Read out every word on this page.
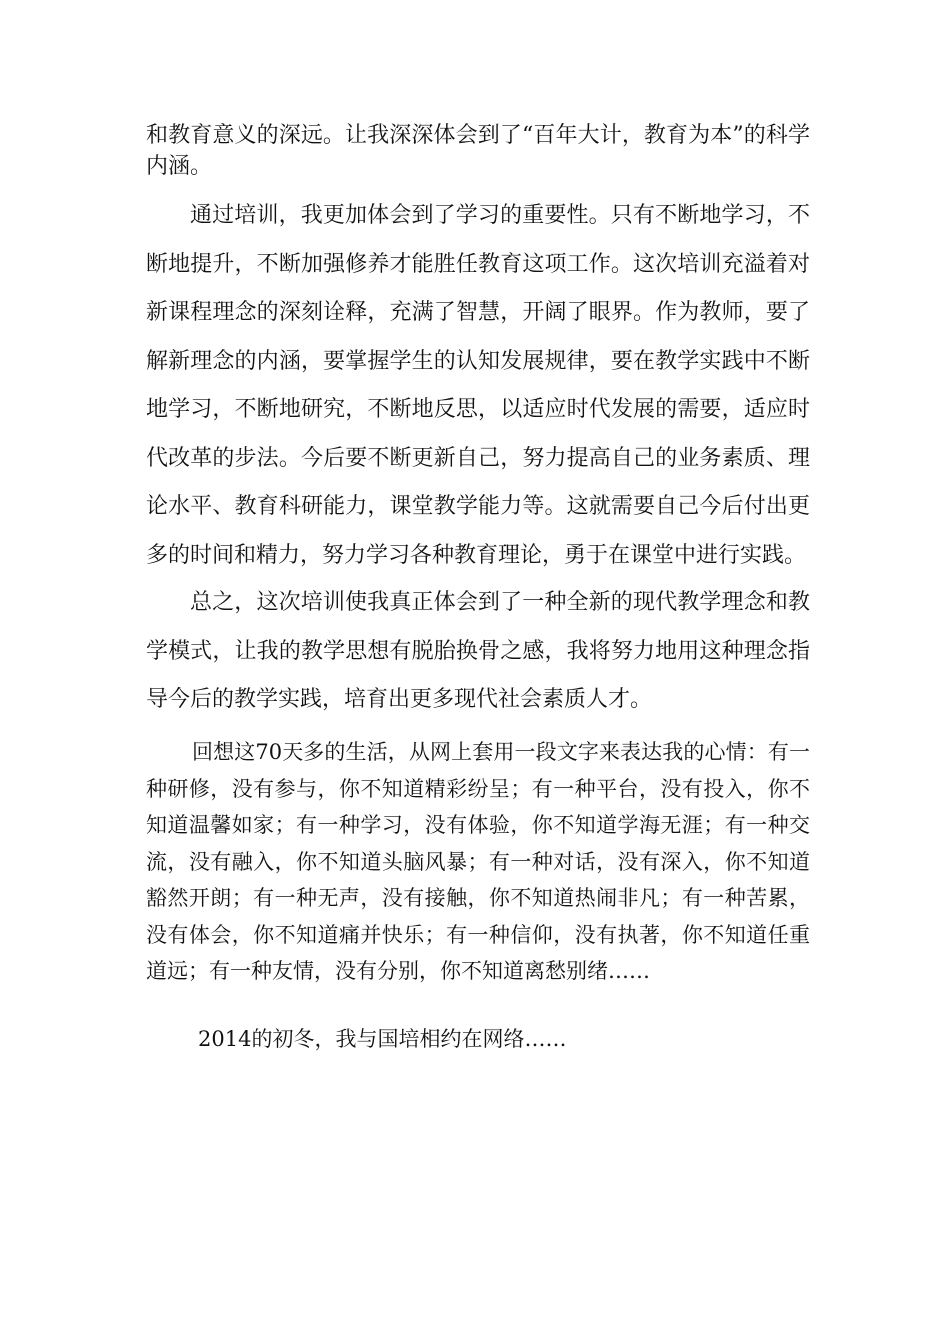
和教育意义的深远。让我深深体会到了“百年大计，教育为本”的科学内涵。

通过培训，我更加体会到了学习的重要性。只有不断地学习，不断地提升，不断加强修养才能胜任教育这项工作。这次培训充溢着对新课程理念的深刻诠释，充满了智慧，开阔了眼界。作为教师，要了解新理念的内涵，要掌握学生的认知发展规律，要在教学实践中不断地学习，不断地研究，不断地反思，以适应时代发展的需要，适应时代改革的步法。今后要不断更新自己，努力提高自己的业务素质、理论水平、教育科研能力，课堂教学能力等。这就需要自己今后付出更多的时间和精力，努力学习各种教育理论，勇于在课堂中进行实践。

总之，这次培训使我真正体会到了一种全新的现代教学理念和教学模式，让我的教学思想有脱胎换骨之感，我将努力地用这种理念指导今后的教学实践，培育出更多现代社会素质人才。

回想这70天多的生活，从网上套用一段文字来表达我的心情：有一种研修，没有参与，你不知道精彩纷呈；有一种平台，没有投入，你不知道温馨如家；有一种学习，没有体验，你不知道学海无涯；有一种交流，没有融入，你不知道头脑风暴；有一种对话，没有深入，你不知道豁然开朗；有一种无声，没有接触，你不知道热闹非凡；有一种苦累，没有体会，你不知道痛并快乐；有一种信仰，没有执著，你不知道任重道远；有一种友情，没有分别，你不知道离愁别绪……

2014的初冬，我与国培相约在网络……
